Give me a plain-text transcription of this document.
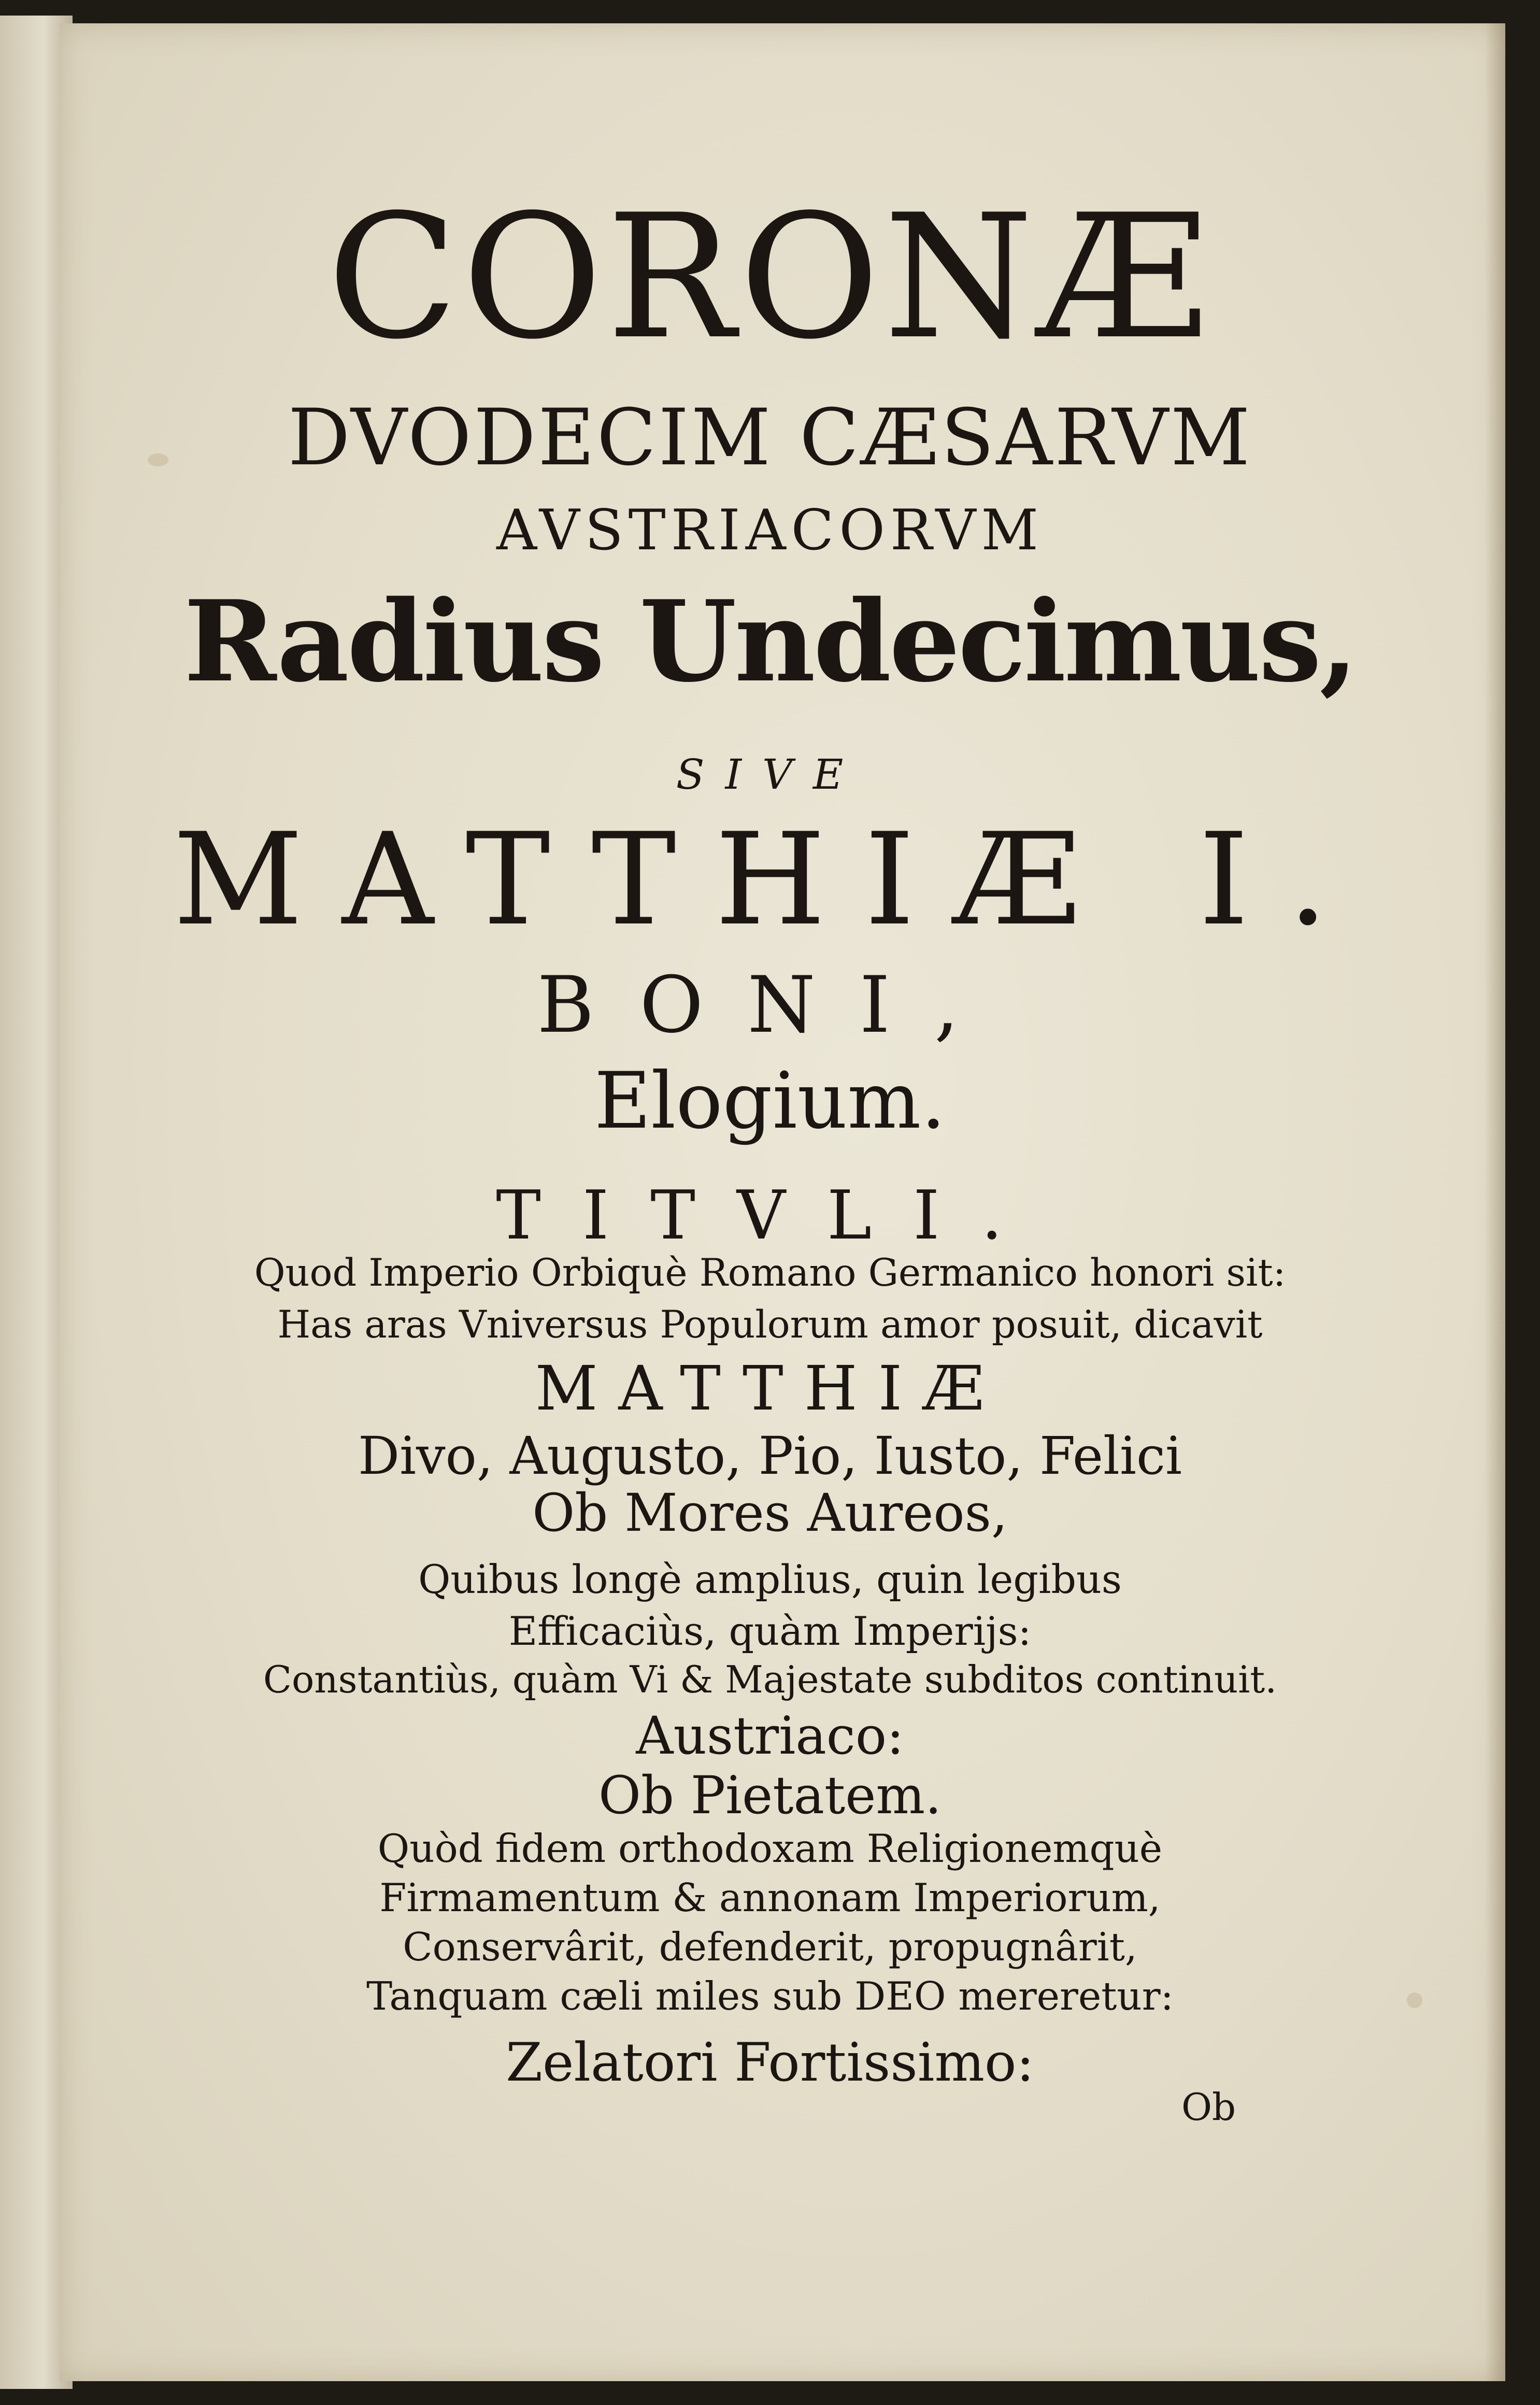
CORONÆ
DVODECIM CÆSARVM
AVSTRIACORVM
Radius Undecimus,
SIVE
MATTHIÆ I.
BONI,
Elogium.
TITVLI.
Quod Imperio Orbiquè Romano Germanico honori sit:
Has aras Vniversus Populorum amor posuit, dicavit
MATTHIÆ
Divo, Augusto, Pio, Iusto, Felici
Ob Mores Aureos,
Quibus longè amplius, quin legibus
Efficaciùs, quàm Imperijs:
Constantiùs, quàm Vi & Majestate subditos continuit.
Austriaco:
Ob Pietatem.
Quòd fidem orthodoxam Religionemquè
Firmamentum & annonam Imperiorum,
Conservârit, defenderit, propugnârit,
Tanquam cæli miles sub DEO mereretur:
Zelatori Fortissimo:
Ob
